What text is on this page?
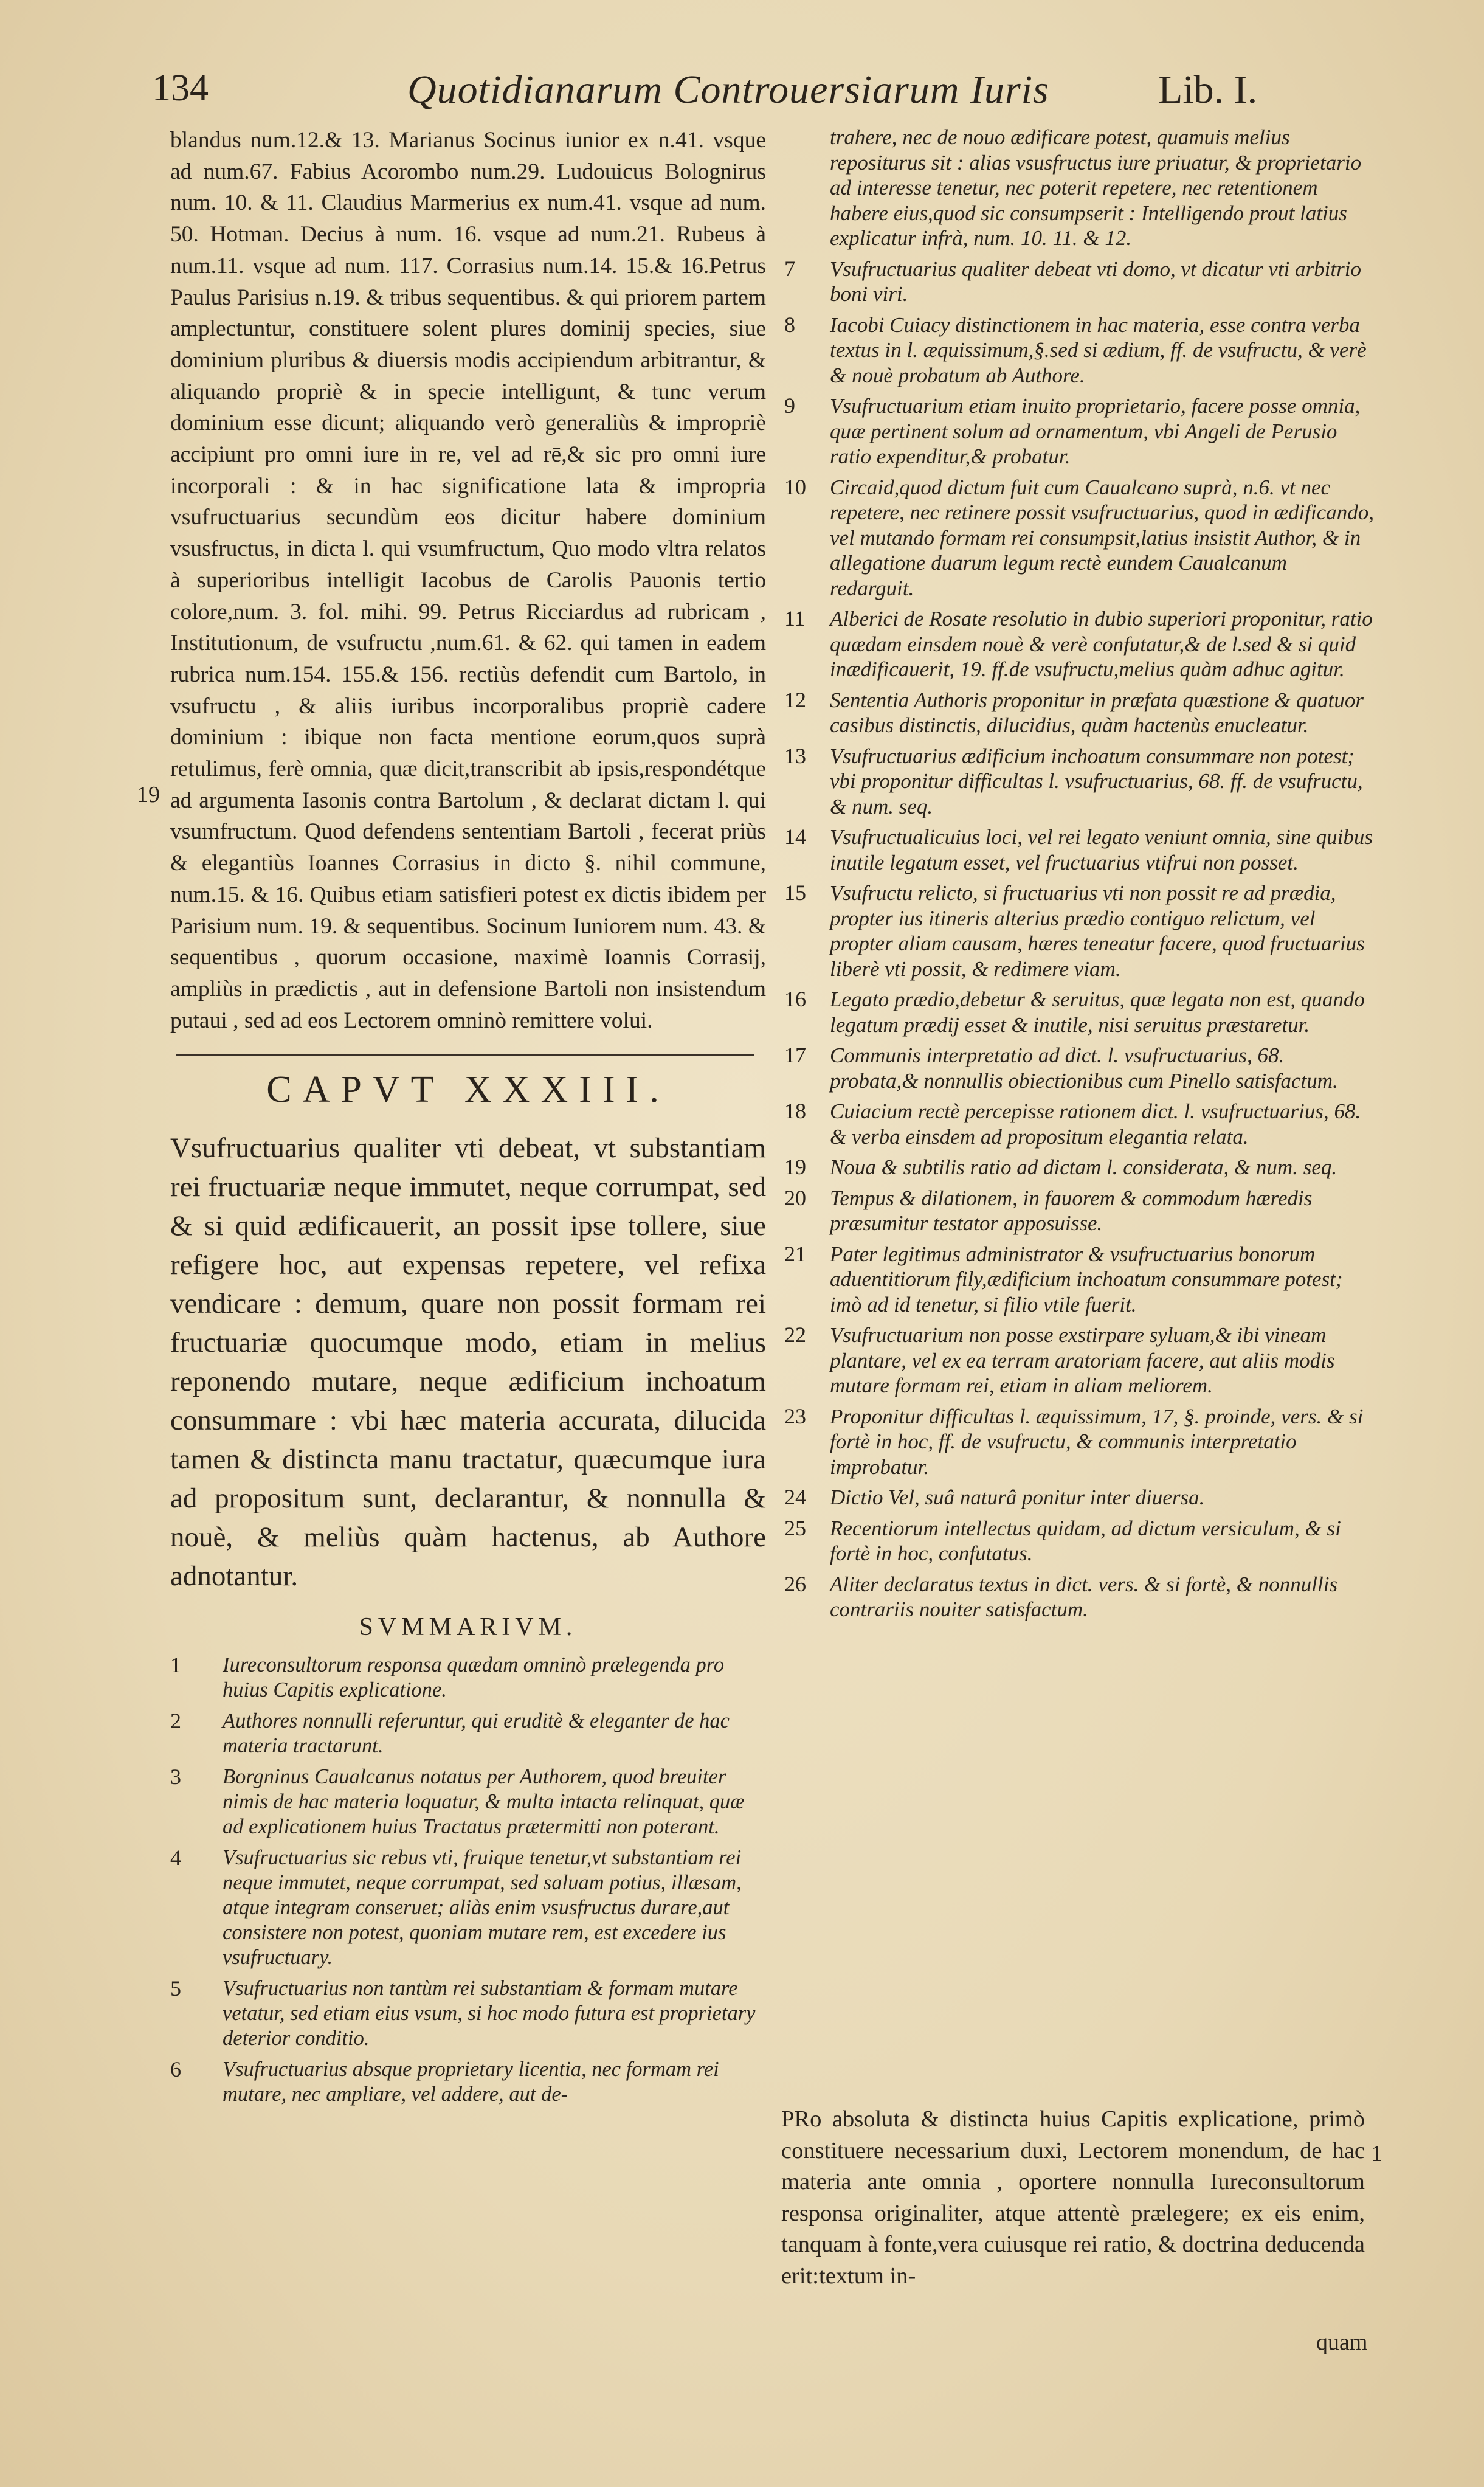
134	Quotidianarum Controuersiarum Iuris	Lib. I.

blandus num.12.& 13. Marianus Socinus iunior ex n.41. vsque ad num.67. Fabius Acorombo num.29. Ludouicus Bolognirus num. 10. & 11. Claudius Marmerius ex num.41. vsque ad num. 50. Hotman. Decius à num. 16. vsque ad num.21. Rubeus à num.11. vsque ad num. 117. Corrasius num.14. 15.& 16.Petrus Paulus Parisius n.19. & tribus sequentibus. & qui priorem partem amplectuntur, constituere solent plures dominij species, siue dominium pluribus & diuersis modis accipiendum arbitrantur, & aliquando propriè & in specie intelligunt, & tunc verum dominium esse dicunt; aliquando verò generaliùs & impropriè accipiunt pro omni iure in re, vel ad rē,& sic pro omni iure incorporali : & in hac significatione lata & impropria vsufructuarius secundùm eos dicitur habere dominium vsusfructus, in dicta l. qui vsumfructum, Quo modo vltra relatos à superioribus intelligit Iacobus de Carolis Pauonis tertio colore,num. 3. fol. mihi. 99. Petrus Ricciardus ad rubricam , Institutionum, de vsufructu ,num.61. & 62. qui tamen in eadem rubrica num.154. 155.& 156. rectiùs defendit cum Bartolo, in vsufructu , & aliis iuribus incorporalibus propriè cadere dominium : ibique non facta mentione eorum,quos suprà retulimus, ferè omnia, quæ dicit,transcribit ab ipsis,respondétque ad argumenta Iasonis contra Bartolum , & declarat dictam l. qui vsumfructum. Quod defendens sententiam Bartoli , fecerat priùs & elegantiùs Ioannes Corrasius in dicto §. nihil commune, num.15. & 16. Quibus etiam satisfieri potest ex dictis ibidem per Parisium num. 19. & sequentibus. Socinum Iuniorem num. 43. & sequentibus , quorum occasione, maximè Ioannis Corrasij, ampliùs in prædictis , aut in defensione Bartoli non insistendum putaui , sed ad eos Lectorem omninò remittere volui.

CAPVT XXXIII.

Vsufructuarius qualiter vti debeat, vt substantiam rei fructuariæ neque immutet, neque corrumpat, sed & si quid ædificauerit, an possit ipse tollere, siue refigere hoc, aut expensas repetere, vel refixa vendicare : demum, quare non possit formam rei fructuariæ quocumque modo, etiam in melius reponendo mutare, neque ædificium inchoatum consummare : vbi hæc materia accurata, dilucida tamen & distincta manu tractatur, quæcumque iura ad propositum sunt, declarantur, & nonnulla & nouè, & meliùs quàm hactenus, ab Authore adnotantur.

SVMMARIVM.
1 Iureconsultorum responsa quædam omninò prælegenda pro huius Capitis explicatione.
2 Authores nonnulli referuntur, qui eruditè & eleganter de hac materia tractarunt.
3 Borgninus Caualcanus notatus per Authorem, quod breuiter nimis de hac materia loquatur, & multa intacta relinquat, quæ ad explicationem huius Tractatus prætermitti non poterant.
4 Vsufructuarius sic rebus vti, fruique tenetur,vt substantiam rei neque immutet, neque corrumpat, sed saluam potius, illæsam, atque integram conseruet; aliàs enim vsusfructus durare,aut consistere non potest, quoniam mutare rem, est excedere ius vsufructuary.
5 Vsufructuarius non tantùm rei substantiam & formam mutare vetatur, sed etiam eius vsum, si hoc modo futura est proprietary deterior conditio.
6 Vsufructuarius absque proprietary licentia, nec formam rei mutare, nec ampliare, vel addere, aut de-
19
trahere, nec de nouo ædificare potest, quamuis melius repositurus sit : alias vsusfructus iure priuatur, & proprietario ad interesse tenetur, nec poterit repetere, nec retentionem habere eius,quod sic consumpserit : Intelligendo prout latius explicatur infrà, num. 10. 11. & 12.
7 Vsufructuarius qualiter debeat vti domo, vt dicatur vti arbitrio boni viri.
8 Iacobi Cuiacy distinctionem in hac materia, esse contra verba textus in l. æquissimum,§.sed si ædium, ff. de vsufructu, & verè & nouè probatum ab Authore.
9 Vsufructuarium etiam inuito proprietario, facere posse omnia, quæ pertinent solum ad ornamentum, vbi Angeli de Perusio ratio expenditur,& probatur.
10 Circaid,quod dictum fuit cum Caualcano suprà, n.6. vt nec repetere, nec retinere possit vsufructuarius, quod in ædificando, vel mutando formam rei consumpsit,latius insistit Author, & in allegatione duarum legum rectè eundem Caualcanum redarguit.
11 Alberici de Rosate resolutio in dubio superiori proponitur, ratio quædam einsdem nouè & verè confutatur,& de l.sed & si quid inædificauerit, 19. ff.de vsufructu,melius quàm adhuc agitur.
12 Sententia Authoris proponitur in præfata quæstione & quatuor casibus distinctis, dilucidius, quàm hactenùs enucleatur.
13 Vsufructuarius ædificium inchoatum consummare non potest; vbi proponitur difficultas l. vsufructuarius, 68. ff. de vsufructu, & num. seq.
14 Vsufructualicuius loci, vel rei legato veniunt omnia, sine quibus inutile legatum esset, vel fructuarius vtifrui non posset.
15 Vsufructu relicto, si fructuarius vti non possit re ad prædia, propter ius itineris alterius prædio contiguo relictum, vel propter aliam causam, hæres teneatur facere, quod fructuarius liberè vti possit, & redimere viam.
16 Legato prædio,debetur & seruitus, quæ legata non est, quando legatum prædij esset & inutile, nisi seruitus præstaretur.
17 Communis interpretatio ad dict. l. vsufructuarius, 68. probata,& nonnullis obiectionibus cum Pinello satisfactum.
18 Cuiacium rectè percepisse rationem dict. l. vsufructuarius, 68. & verba einsdem ad propositum elegantia relata.
19 Noua & subtilis ratio ad dictam l. considerata, & num. seq.
20 Tempus & dilationem, in fauorem & commodum hæredis præsumitur testator apposuisse.
21 Pater legitimus administrator & vsufructuarius bonorum aduentitiorum fily,ædificium inchoatum consummare potest; imò ad id tenetur, si filio vtile fuerit.
22 Vsufructuarium non posse exstirpare syluam,& ibi vineam plantare, vel ex ea terram aratoriam facere, aut aliis modis mutare formam rei, etiam in aliam meliorem.
23 Proponitur difficultas l. æquissimum, 17, §. proinde, vers. & si fortè in hoc, ff. de vsufructu, & communis interpretatio improbatur.
24 Dictio Vel, suâ naturâ ponitur inter diuersa.
25 Recentiorum intellectus quidam, ad dictum versiculum, & si fortè in hoc, confutatus.
26 Aliter declaratus textus in dict. vers. & si fortè, & nonnullis contrariis nouiter satisfactum.
1

PRo absoluta & distincta huius Capitis explicatione, primò constituere necessarium duxi, Lectorem monendum, de hac materia ante omnia , oportere nonnulla Iureconsultorum responsa originaliter, atque attentè prælegere; ex eis enim, tanquam à fonte,vera cuiusque rei ratio, & doctrina deducenda erit:textum in-

quam
